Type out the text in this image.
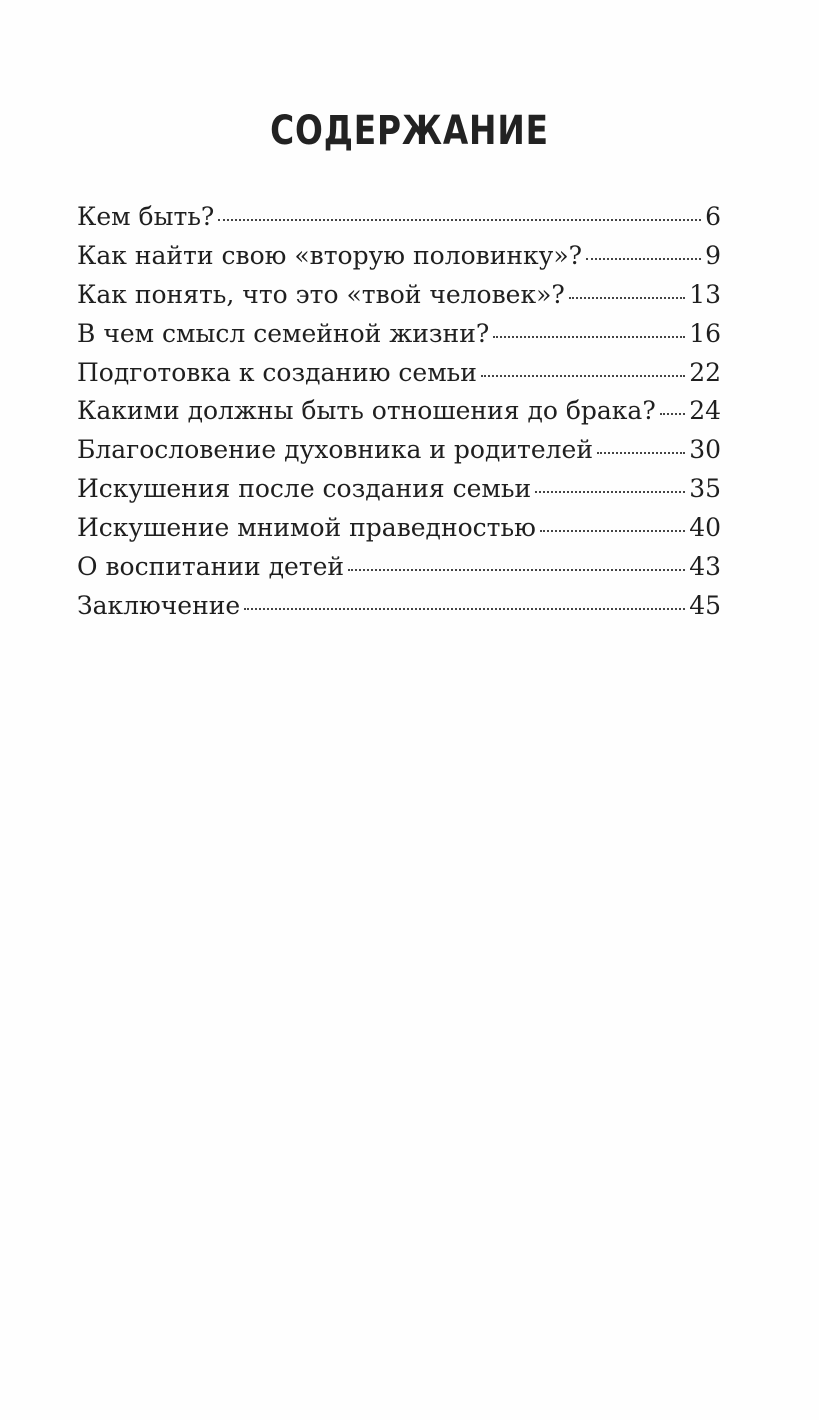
СОДЕРЖАНИЕ
Кем быть?	6
Как найти свою «вторую половинку»?	9
Как понять, что это «твой человек»?	13
В чем смысл семейной жизни?	16
Подготовка к созданию семьи	22
Какими должны быть отношения до брака? 24
Благословение духовника и родителей	30
Искушения после создания семьи	35
Искушение мнимой праведностью	40
О воспитании детей	43
Заключение	45
